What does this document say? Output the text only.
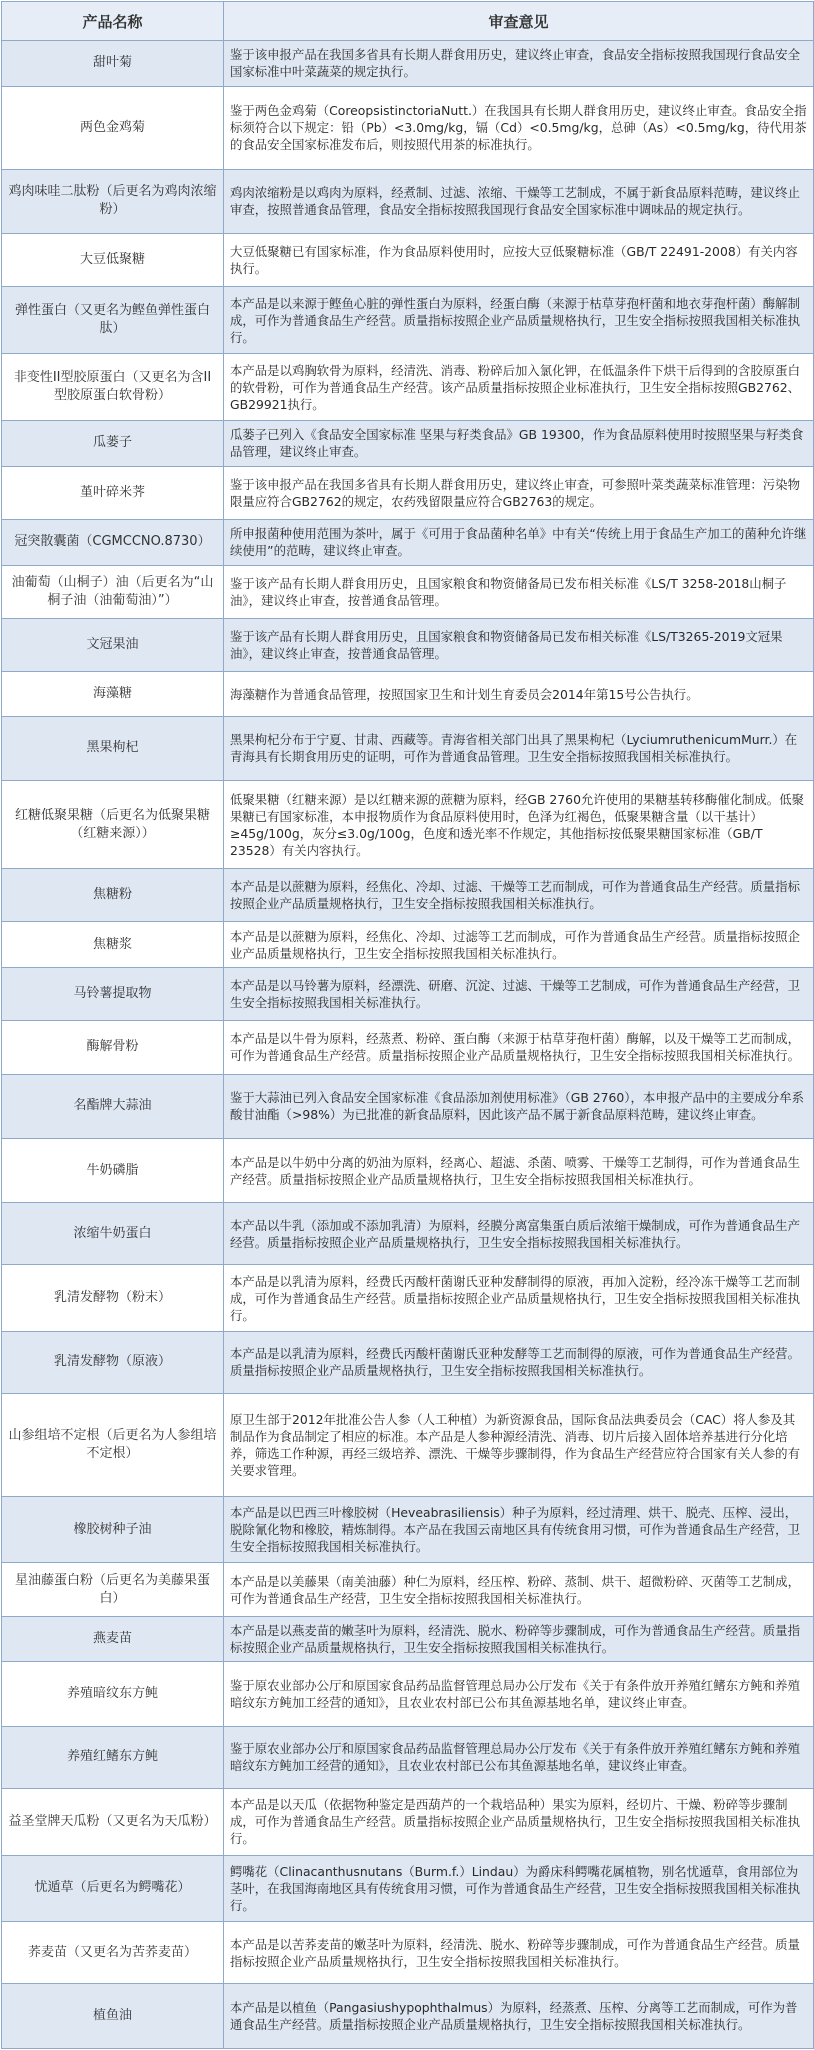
产品名称	审查意见
甜叶菊	鉴于该申报产品在我国多省具有长期人群食用历史，建议终止审查，食品安全指标按照我国现行食品安全国家标准中叶菜蔬菜的规定执行。
两色金鸡菊	鉴于两色金鸡菊（CoreopsistinctoriaNutt.）在我国具有长期人群食用历史，建议终止审查。食品安全指标须符合以下规定：铅（Pb）<3.0mg/kg，镉（Cd）<0.5mg/kg，总砷（As）<0.5mg/kg，待代用茶的食品安全国家标准发布后，则按照代用茶的标准执行。
鸡肉味哇二肽粉（后更名为鸡肉浓缩粉）	鸡肉浓缩粉是以鸡肉为原料，经煮制、过滤、浓缩、干燥等工艺制成，不属于新食品原料范畴，建议终止审查，按照普通食品管理，食品安全指标按照我国现行食品安全国家标准中调味品的规定执行。
大豆低聚糖	大豆低聚糖已有国家标准，作为食品原料使用时，应按大豆低聚糖标准（GB/T 22491-2008）有关内容执行。
弹性蛋白（又更名为鲣鱼弹性蛋白肽）	本产品是以来源于鲣鱼心脏的弹性蛋白为原料，经蛋白酶（来源于枯草芽孢杆菌和地衣芽孢杆菌）酶解制成，可作为普通食品生产经营。质量指标按照企业产品质量规格执行，卫生安全指标按照我国相关标准执行。
非变性II型胶原蛋白（又更名为含II型胶原蛋白软骨粉）	本产品是以鸡胸软骨为原料，经清洗、消毒、粉碎后加入氯化钾，在低温条件下烘干后得到的含胶原蛋白的软骨粉，可作为普通食品生产经营。该产品质量指标按照企业标准执行，卫生安全指标按照GB2762、GB29921执行。
瓜蒌子	瓜蒌子已列入《食品安全国家标准 坚果与籽类食品》GB 19300，作为食品原料使用时按照坚果与籽类食品管理，建议终止审查。
堇叶碎米荠	鉴于该申报产品在我国多省具有长期人群食用历史，建议终止审查，可参照叶菜类蔬菜标准管理：污染物限量应符合GB2762的规定，农药残留限量应符合GB2763的规定。
冠突散囊菌（CGMCCNO.8730）	所申报菌种使用范围为茶叶，属于《可用于食品菌种名单》中有关“传统上用于食品生产加工的菌种允许继续使用”的范畴，建议终止审查。
油葡萄（山桐子）油（后更名为“山桐子油（油葡萄油）”）	鉴于该产品有长期人群食用历史，且国家粮食和物资储备局已发布相关标准《LS/T 3258-2018山桐子油》，建议终止审查，按普通食品管理。
文冠果油	鉴于该产品有长期人群食用历史，且国家粮食和物资储备局已发布相关标准《LS/T3265-2019文冠果油》，建议终止审查，按普通食品管理。
海藻糖	海藻糖作为普通食品管理，按照国家卫生和计划生育委员会2014年第15号公告执行。
黑果枸杞	黑果枸杞分布于宁夏、甘肃、西藏等。青海省相关部门出具了黑果枸杞（LyciumruthenicumMurr.）在青海具有长期食用历史的证明，可作为普通食品管理。卫生安全指标按照我国相关标准执行。
红糖低聚果糖（后更名为低聚果糖（红糖来源））	低聚果糖（红糖来源）是以红糖来源的蔗糖为原料，经GB 2760允许使用的果糖基转移酶催化制成。低聚果糖已有国家标准，本申报物质作为食品原料使用时，色泽为红褐色，低聚果糖含量（以干基计）≥45g/100g，灰分≤3.0g/100g，色度和透光率不作规定，其他指标按低聚果糖国家标准（GB/T 23528）有关内容执行。
焦糖粉	本产品是以蔗糖为原料，经焦化、冷却、过滤、干燥等工艺而制成，可作为普通食品生产经营。质量指标按照企业产品质量规格执行，卫生安全指标按照我国相关标准执行。
焦糖浆	本产品是以蔗糖为原料，经焦化、冷却、过滤等工艺而制成，可作为普通食品生产经营。质量指标按照企业产品质量规格执行，卫生安全指标按照我国相关标准执行。
马铃薯提取物	本产品是以马铃薯为原料，经漂洗、研磨、沉淀、过滤、干燥等工艺制成，可作为普通食品生产经营，卫生安全指标按照我国相关标准执行。
酶解骨粉	本产品是以牛骨为原料，经蒸煮、粉碎、蛋白酶（来源于枯草芽孢杆菌）酶解，以及干燥等工艺而制成，可作为普通食品生产经营。质量指标按照企业产品质量规格执行，卫生安全指标按照我国相关标准执行。
名酯牌大蒜油	鉴于大蒜油已列入食品安全国家标准《食品添加剂使用标准》（GB 2760），本申报产品中的主要成分牟系酸甘油酯（>98%）为已批准的新食品原料，因此该产品不属于新食品原料范畴，建议终止审查。
牛奶磷脂	本产品是以牛奶中分离的奶油为原料，经离心、超滤、杀菌、喷雾、干燥等工艺制得，可作为普通食品生产经营。质量指标按照企业产品质量规格执行，卫生安全指标按照我国相关标准执行。
浓缩牛奶蛋白	本产品以牛乳（添加或不添加乳清）为原料，经膜分离富集蛋白质后浓缩干燥制成，可作为普通食品生产经营。质量指标按照企业产品质量规格执行，卫生安全指标按照我国相关标准执行。
乳清发酵物（粉末）	本产品是以乳清为原料，经费氏丙酸杆菌谢氏亚种发酵制得的原液，再加入淀粉，经冷冻干燥等工艺而制成，可作为普通食品生产经营。质量指标按照企业产品质量规格执行，卫生安全指标按照我国相关标准执行。
乳清发酵物（原液）	本产品是以乳清为原料，经费氏丙酸杆菌谢氏亚种发酵等工艺而制得的原液，可作为普通食品生产经营。质量指标按照企业产品质量规格执行，卫生安全指标按照我国相关标准执行。
山参组培不定根（后更名为人参组培不定根）	原卫生部于2012年批准公告人参（人工种植）为新资源食品，国际食品法典委员会（CAC）将人参及其制品作为食品制定了相应的标准。本产品是人参种源经清洗、消毒、切片后接入固体培养基进行分化培养，筛选工作种源，再经三级培养、漂洗、干燥等步骤制得，作为食品生产经营应符合国家有关人参的有关要求管理。
橡胶树种子油	本产品是以巴西三叶橡胶树（Heveabrasiliensis）种子为原料，经过清理、烘干、脱壳、压榨、浸出，脱除氰化物和橡胶，精炼制得。本产品在我国云南地区具有传统食用习惯，可作为普通食品生产经营，卫生安全指标按照我国相关标准执行。
星油藤蛋白粉（后更名为美藤果蛋白）	本产品是以美藤果（南美油藤）种仁为原料，经压榨、粉碎、蒸制、烘干、超微粉碎、灭菌等工艺制成，可作为普通食品生产经营，卫生安全指标按照我国相关标准执行。
燕麦苗	本产品是以燕麦苗的嫩茎叶为原料，经清洗、脱水、粉碎等步骤制成，可作为普通食品生产经营。质量指标按照企业产品质量规格执行，卫生安全指标按照我国相关标准执行。
养殖暗纹东方鲀	鉴于原农业部办公厅和原国家食品药品监督管理总局办公厅发布《关于有条件放开养殖红鳍东方鲀和养殖暗纹东方鲀加工经营的通知》，且农业农村部已公布其鱼源基地名单，建议终止审查。
养殖红鳍东方鲀	鉴于原农业部办公厅和原国家食品药品监督管理总局办公厅发布《关于有条件放开养殖红鳍东方鲀和养殖暗纹东方鲀加工经营的通知》，且农业农村部已公布其鱼源基地名单，建议终止审查。
益圣堂牌天瓜粉（又更名为天瓜粉）	本产品是以天瓜（依据物种鉴定是西葫芦的一个栽培品种）果实为原料，经切片、干燥、粉碎等步骤制成，可作为普通食品生产经营。质量指标按照企业产品质量规格执行，卫生安全指标按照我国相关标准执行。
忧遁草（后更名为鳄嘴花）	鳄嘴花（Clinacanthusnutans（Burm.f.）Lindau）为爵床科鳄嘴花属植物，别名忧遁草，食用部位为茎叶，在我国海南地区具有传统食用习惯，可作为普通食品生产经营，卫生安全指标按照我国相关标准执行。
荞麦苗（又更名为苦荞麦苗）	本产品是以苦荞麦苗的嫩茎叶为原料，经清洗、脱水、粉碎等步骤制成，可作为普通食品生产经营。质量指标按照企业产品质量规格执行，卫生安全指标按照我国相关标准执行。
植鱼油	本产品是以植鱼（Pangasiushypophthalmus）为原料，经蒸煮、压榨、分离等工艺而制成，可作为普通食品生产经营。质量指标按照企业产品质量规格执行，卫生安全指标按照我国相关标准执行。
